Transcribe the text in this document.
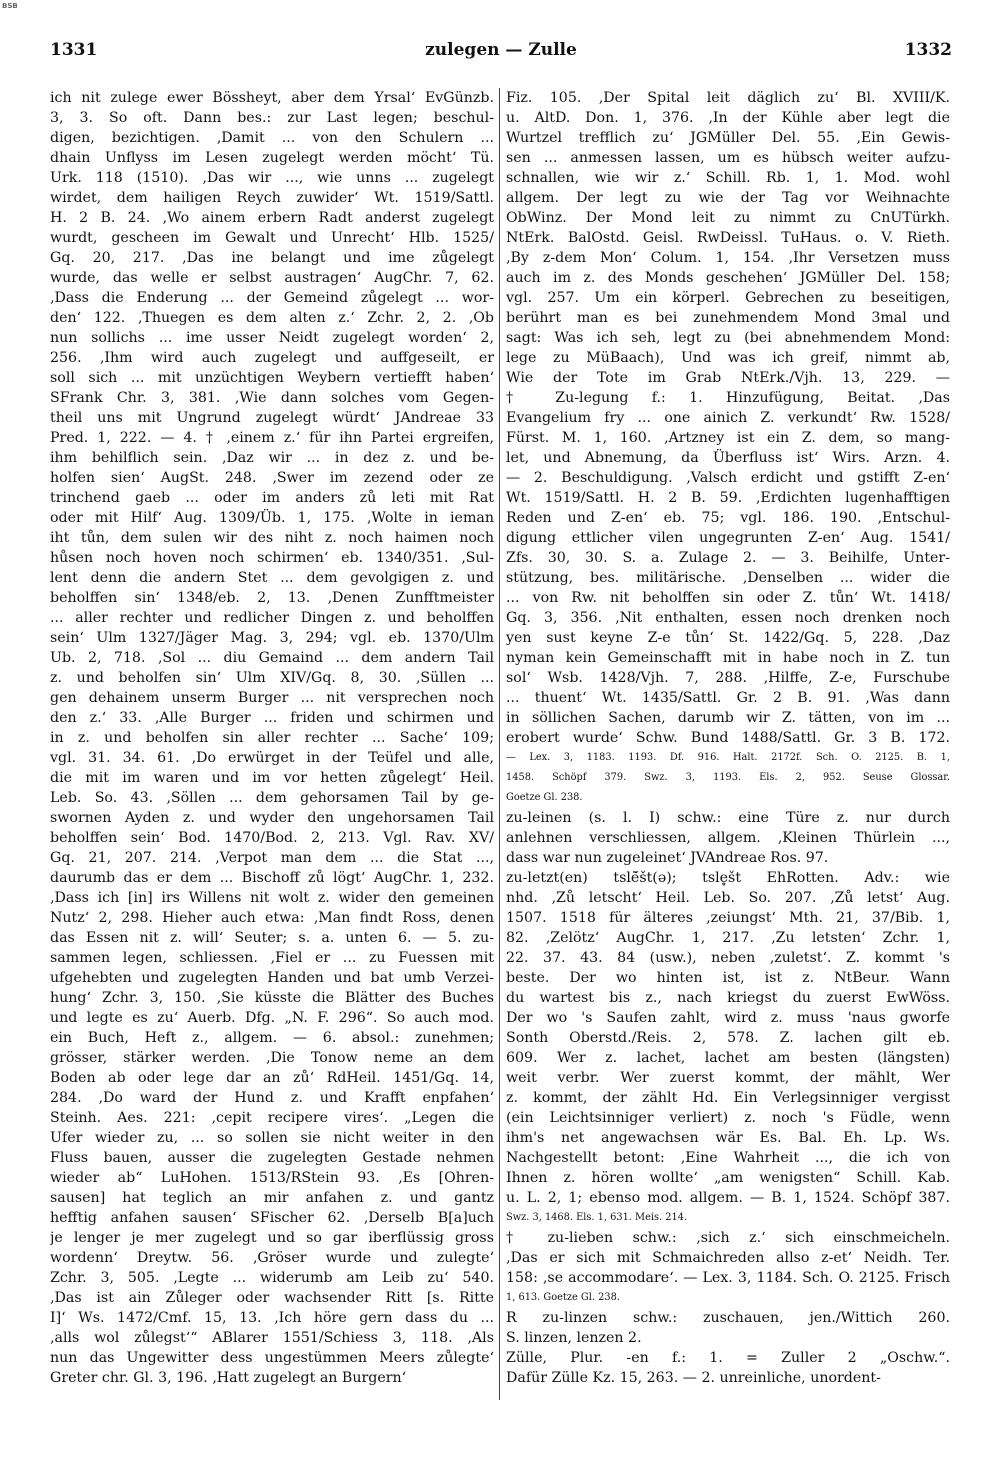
BSB
1331	zulegen — Zulle	1332
ich nit zulege ewer Bössheyt, aber dem Yrsal‘ EvGünzb.
3, 3. So oft. Dann bes.: zur Last legen; beschul-
digen, bezichtigen. ‚Damit ... von den Schulern ...
dhain Unflyss im Lesen zugelegt werden möcht‘ Tü.
Urk. 118 (1510). ‚Das wir ..., wie unns ... zugelegt
wirdet, dem hailigen Reych zuwider‘ Wt. 1519/Sattl.
H. 2 B. 24. ‚Wo ainem erbern Radt anderst zugelegt
wurdt, gescheen im Gewalt und Unrecht‘ Hlb. 1525/
Gq. 20, 217. ‚Das ine belangt und ime zůgelegt
wurde, das welle er selbst austragen‘ AugChr. 7, 62.
‚Dass die Enderung ... der Gemeind zůgelegt ... wor-
den‘ 122. ‚Thuegen es dem alten z.‘ Zchr. 2, 2. ‚Ob
nun sollichs ... ime usser Neidt zugelegt worden‘ 2,
256. ‚Ihm wird auch zugelegt und auffgeseilt, er
soll sich ... mit unzüchtigen Weybern vertiefft haben‘
SFrank Chr. 3, 381. ‚Wie dann solches vom Gegen-
theil uns mit Ungrund zugelegt würdt‘ JAndreae 33
Pred. 1, 222. — 4. † ‚einem z.‘ für ihn Partei ergreifen,
ihm behilflich sein. ‚Daz wir ... in dez z. und be-
holfen sien‘ AugSt. 248. ‚Swer im zezend oder ze
trinchend gaeb ... oder im anders zů leti mit Rat
oder mit Hilf‘ Aug. 1309/Üb. 1, 175. ‚Wolte in ieman
iht tůn, dem sulen wir des niht z. noch haimen noch
hůsen noch hoven noch schirmen‘ eb. 1340/351. ‚Sul-
lent denn die andern Stet ... dem gevolgigen z. und
beholffen sin‘ 1348/eb. 2, 13. ‚Denen Zunfftmeister
... aller rechter und redlicher Dingen z. und beholffen
sein‘ Ulm 1327/Jäger Mag. 3, 294; vgl. eb. 1370/Ulm
Ub. 2, 718. ‚Sol ... diu Gemaind ... dem andern Tail
z. und beholfen sin‘ Ulm XIV/Gq. 8, 30. ‚Süllen ...
gen dehainem unserm Burger ... nit versprechen noch
den z.‘ 33. ‚Alle Burger ... friden und schirmen und
in z. und beholfen sin aller rechter ... Sache‘ 109;
vgl. 31. 34. 61. ‚Do erwürget in der Teüfel und alle,
die mit im waren und im vor hetten zůgelegt‘ Heil.
Leb. So. 43. ‚Söllen ... dem gehorsamen Tail by ge-
swornen Ayden z. und wyder den ungehorsamen Tail
beholffen sein‘ Bod. 1470/Bod. 2, 213. Vgl. Rav. XV/
Gq. 21, 207. 214. ‚Verpot man dem ... die Stat ...,
daurumb das er dem ... Bischoff zů lögt‘ AugChr. 1, 232.
‚Dass ich [in] irs Willens nit wolt z. wider den gemeinen
Nutz‘ 2, 298. Hieher auch etwa: ‚Man findt Ross, denen
das Essen nit z. will‘ Seuter; s. a. unten 6. — 5. zu-
sammen legen, schliessen. ‚Fiel er ... zu Fuessen mit
ufgehebten und zugelegten Handen und bat umb Verzei-
hung‘ Zchr. 3, 150. ‚Sie küsste die Blätter des Buches
und legte es zu‘ Auerb. Dfg. „N. F. 296“. So auch mod.
ein Buch, Heft z., allgem. — 6. absol.: zunehmen;
grösser, stärker werden. ‚Die Tonow neme an dem
Boden ab oder lege dar an zů‘ RdHeil. 1451/Gq. 14,
284. ‚Do ward der Hund z. und Krafft enpfahen‘
Steinh. Aes. 221: ‚cepit recipere vires‘. „Legen die
Ufer wieder zu, ... so sollen sie nicht weiter in den
Fluss bauen, ausser die zugelegten Gestade nehmen
wieder ab“ LuHohen. 1513/RStein 93. ‚Es [Ohren-
sausen] hat teglich an mir anfahen z. und gantz
hefftig anfahen sausen‘ SFischer 62. ‚Derselb B[a]uch
je lenger je mer zugelegt und so gar iberflüssig gross
wordenn‘ Dreytw. 56. ‚Gröser wurde und zulegte‘
Zchr. 3, 505. ‚Legte ... widerumb am Leib zu‘ 540.
‚Das ist ain Zůleger oder wachsender Ritt [s. Ritte
I]‘ Ws. 1472/Cmf. 15, 13. ‚Ich höre gern dass du ...
‚alls wol zůlegst‘“ ABlarer 1551/Schiess 3, 118. ‚Als
nun das Ungewitter dess ungestümmen Meers zůlegte‘
Greter chr. Gl. 3, 196. ‚Hatt zugelegt an Burgern‘
Fiz. 105. ‚Der Spital leit däglich zu‘ Bl. XVIII/K.
u. AltD. Don. 1, 376. ‚In der Kühle aber legt die
Wurtzel trefflich zu‘ JGMüller Del. 55. ‚Ein Gewis-
sen ... anmessen lassen, um es hübsch weiter aufzu-
schnallen, wie wir z.‘ Schill. Rb. 1, 1. Mod. wohl
allgem. Der legt zu wie der Tag vor Weihnachte
ObWinz. Der Mond leit zu nimmt zu CnUTürkh.
NtErk. BalOstd. Geisl. RwDeissl. TuHaus. o. V. Rieth.
‚By z-dem Mon‘ Colum. 1, 154. ‚Ihr Versetzen muss
auch im z. des Monds geschehen‘ JGMüller Del. 158;
vgl. 257. Um ein körperl. Gebrechen zu beseitigen,
berührt man es bei zunehmendem Mond 3mal und
sagt: Was ich seh, legt zu (bei abnehmendem Mond:
lege zu MüBaach), Und was ich greif, nimmt ab,
Wie der Tote im Grab NtErk./Vjh. 13, 229. —
† Zu-legung f.: 1. Hinzufügung, Beitat. ‚Das
Evangelium fry ... one ainich Z. verkundt‘ Rw. 1528/
Fürst. M. 1, 160. ‚Artzney ist ein Z. dem, so mang-
let, und Abnemung, da Überfluss ist‘ Wirs. Arzn. 4.
— 2. Beschuldigung. ‚Valsch erdicht und gstifft Z-en‘
Wt. 1519/Sattl. H. 2 B. 59. ‚Erdichten lugenhafftigen
Reden und Z-en‘ eb. 75; vgl. 186. 190. ‚Entschul-
digung ettlicher vilen ungegrunten Z-en‘ Aug. 1541/
Zfs. 30, 30. S. a. Zulage 2. — 3. Beihilfe, Unter-
stützung, bes. militärische. ‚Denselben ... wider die
... von Rw. nit beholffen sin oder Z. tůn‘ Wt. 1418/
Gq. 3, 356. ‚Nit enthalten, essen noch drenken noch
yen sust keyne Z-e tůn‘ St. 1422/Gq. 5, 228. ‚Daz
nyman kein Gemeinschafft mit in habe noch in Z. tun
sol‘ Wsb. 1428/Vjh. 7, 288. ‚Hilffe, Z-e, Furschube
... thuent‘ Wt. 1435/Sattl. Gr. 2 B. 91. ‚Was dann
in söllichen Sachen, darumb wir Z. tätten, von im ...
erobert wurde‘ Schw. Bund 1488/Sattl. Gr. 3 B. 172.
— Lex. 3, 1183. 1193. Df. 916. Halt. 2172f. Sch. O. 2125. B. 1,
1458. Schöpf 379. Swz. 3, 1193. Els. 2, 952. Seuse Glossar.
Goetze Gl. 238.
zu-leinen (s. l. I) schw.: eine Türe z. nur durch
anlehnen verschliessen, allgem. ‚Kleinen Thürlein ...,
dass war nun zugeleinet‘ JVAndreae Ros. 97.
zu-letzt(en) tslē̆št(ə); tsle̥št EhRotten. Adv.: wie
nhd. ‚Zů letscht‘ Heil. Leb. So. 207. ‚Zů letst‘ Aug.
1507. 1518 für älteres ‚zeiungst‘ Mth. 21, 37/Bib. 1,
82. ‚Zelötz‘ AugChr. 1, 217. ‚Zu letsten‘ Zchr. 1,
22. 37. 43. 84 (usw.), neben ‚zuletst‘. Z. kommt 's
beste. Der wo hinten ist, ist z. NtBeur. Wann
du wartest bis z., nach kriegst du zuerst EwWöss.
Der wo 's Saufen zahlt, wird z. muss 'naus gworfe
Sonth Oberstd./Reis. 2, 578. Z. lachen gilt eb.
609. Wer z. lachet, lachet am besten (längsten)
weit verbr. Wer zuerst kommt, der mählt, Wer
z. kommt, der zählt Hd. Ein Verlegsinniger vergisst
(ein Leichtsinniger verliert) z. noch 's Füdle, wenn
ihm's net angewachsen wär Es. Bal. Eh. Lp. Ws.
Nachgestellt betont: ‚Eine Wahrheit ..., die ich von
Ihnen z. hören wollte‘ „am wenigsten“ Schill. Kab.
u. L. 2, 1; ebenso mod. allgem. — B. 1, 1524. Schöpf 387.
Swz. 3, 1468. Els. 1, 631. Meis. 214.
† zu-lieben schw.: ‚sich z.‘ sich einschmeicheln.
‚Das er sich mit Schmaichreden allso z-et‘ Neidh. Ter.
158: ‚se accommodare‘. — Lex. 3, 1184. Sch. O. 2125. Frisch
1, 613. Goetze Gl. 238.
R zu-linzen schw.: zuschauen, jen./Wittich 260.
S. linzen, lenzen 2.
Zülle, Plur. -en f.: 1. = Zuller 2 „Oschw.“.
Dafür Zülle Kz. 15, 263. — 2. unreinliche, unordent-
